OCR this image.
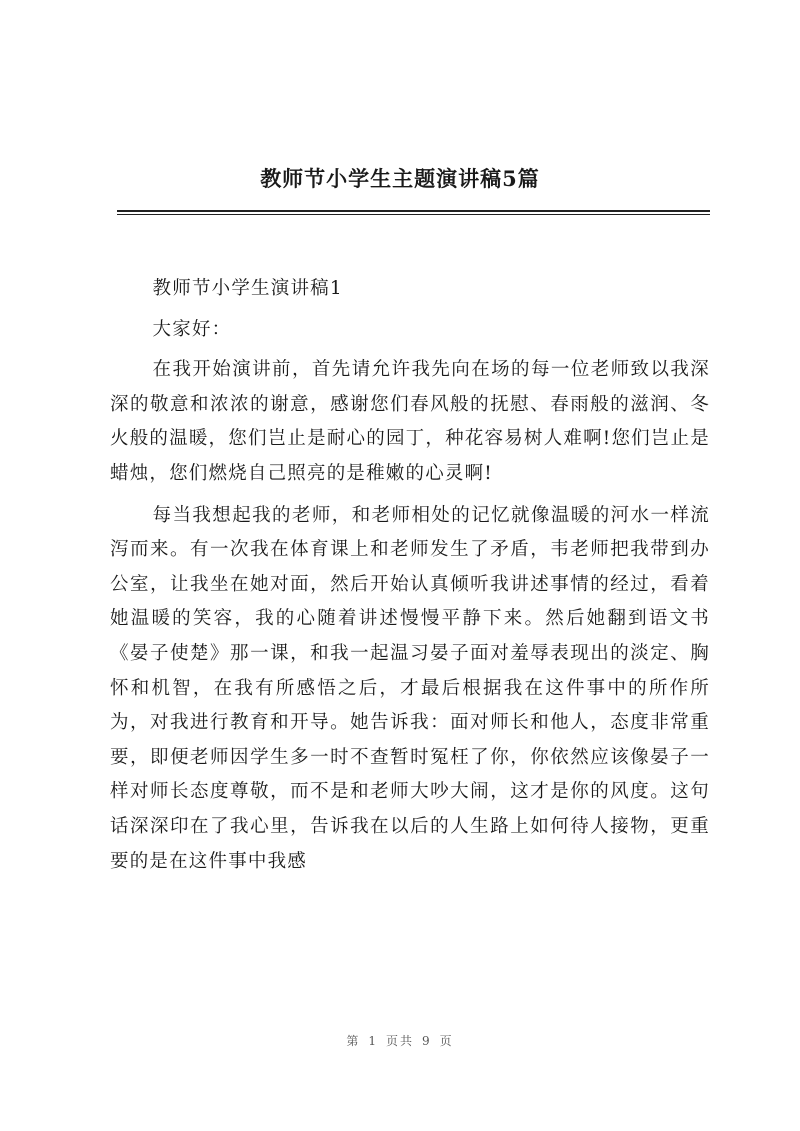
教师节小学生主题演讲稿5篇

教师节小学生演讲稿1

大家好：

在我开始演讲前，首先请允许我先向在场的每一位老师致以我深深的敬意和浓浓的谢意，感谢您们春风般的抚慰、春雨般的滋润、冬火般的温暖，您们岂止是耐心的园丁，种花容易树人难啊!您们岂止是蜡烛，您们燃烧自己照亮的是稚嫩的心灵啊!

每当我想起我的老师，和老师相处的记忆就像温暖的河水一样流泻而来。有一次我在体育课上和老师发生了矛盾，韦老师把我带到办公室，让我坐在她对面，然后开始认真倾听我讲述事情的经过，看着她温暖的笑容，我的心随着讲述慢慢平静下来。然后她翻到语文书《晏子使楚》那一课，和我一起温习晏子面对羞辱表现出的淡定、胸怀和机智，在我有所感悟之后，才最后根据我在这件事中的所作所为，对我进行教育和开导。她告诉我：面对师长和他人，态度非常重要，即便老师因学生多一时不查暂时冤枉了你，你依然应该像晏子一样对师长态度尊敬，而不是和老师大吵大闹，这才是你的风度。这句话深深印在了我心里，告诉我在以后的人生路上如何待人接物，更重要的是在这件事中我感

第 1 页共 9 页
